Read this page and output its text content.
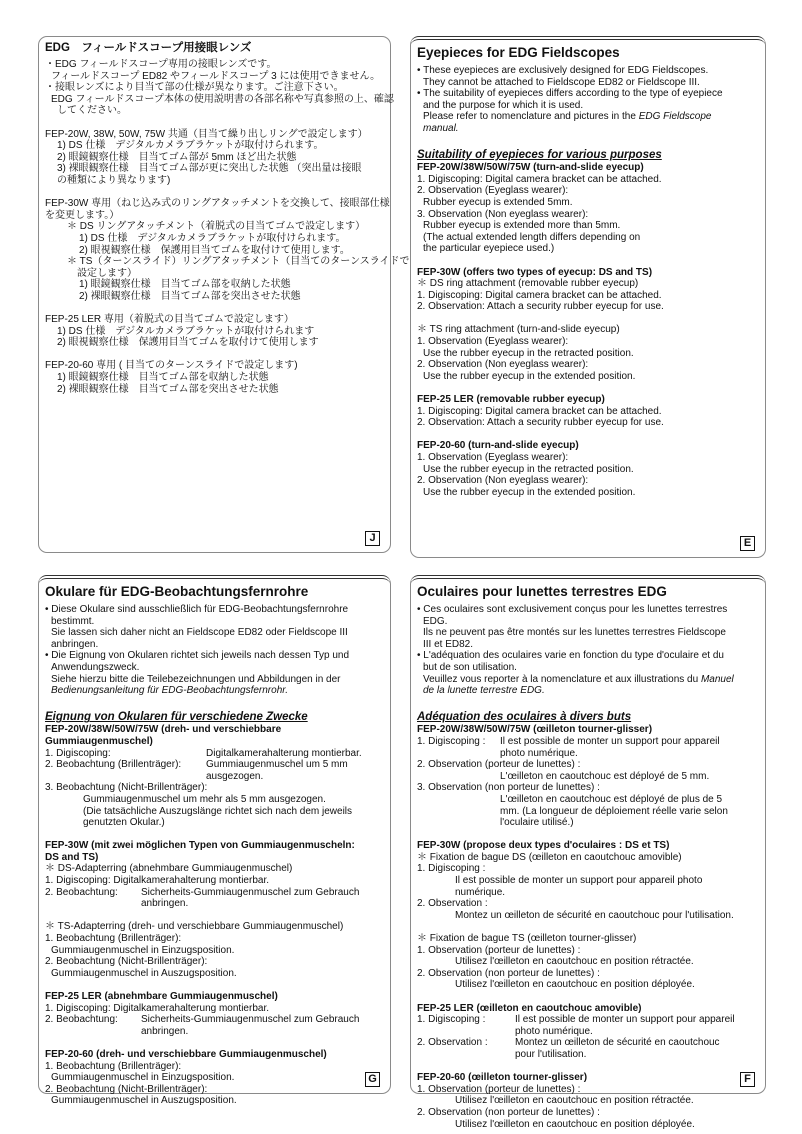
EDG　フィールドスコープ用接眼レンズ
・EDG フィールドスコープ専用の接眼レンズです。
フィールドスコープ ED82 やフィールドスコープ 3 には使用できません。
・接眼レンズにより目当て部の仕様が異なります。ご注意下さい。
EDG フィールドスコープ本体の使用説明書の各部名称や写真参照の上、確認
してください。
FEP-20W, 38W, 50W, 75W 共通（目当て繰り出しリングで設定します）
1) DS 仕様　デジタルカメラブラケットが取付けられます。
2) 眼鏡観察仕様　目当てゴム部が 5mm ほど出た状態
3) 裸眼観察仕様　目当てゴム部が更に突出した状態 （突出量は接眼
の種類により異なります)
FEP-30W 専用（ねじ込み式のリングアタッチメントを交換して、接眼部仕様
を変更します。）
＊ DS リングアタッチメント（着脱式の目当てゴムで設定します）
1) DS 仕様　デジタルカメラブラケットが取付けられます。
2) 眼視観察仕様　保護用目当てゴムを取付けて使用します。
＊ TS（ターンスライド）リングアタッチメント（目当てのターンスライドで
　設定します）
1) 眼鏡観察仕様　目当てゴム部を収納した状態
2) 裸眼観察仕様　目当てゴム部を突出させた状態
FEP-25 LER 専用（着脱式の目当てゴムで設定します）
1) DS 仕様　デジタルカメラブラケットが取付けられます
2) 眼視観察仕様　保護用目当てゴムを取付けて使用します
FEP-20-60 専用 ( 目当てのターンスライドで設定します)
1) 眼鏡観察仕様　目当てゴム部を収納した状態
2) 裸眼観察仕様　目当てゴム部を突出させた状態
J
Eyepieces for EDG Fieldscopes
• These eyepieces are exclusively designed for EDG Fieldscopes.
They cannot be attached to Fieldscope ED82 or Fieldscope III.
• The suitability of eyepieces differs according to the type of eyepiece
and the purpose for which it is used.
Please refer to nomenclature and pictures in the EDG Fieldscope
manual.
Suitability of eyepieces for various purposes
FEP-20W/38W/50W/75W (turn-and-slide eyecup)
1. Digiscoping: Digital camera bracket can be attached.
2. Observation (Eyeglass wearer):
Rubber eyecup is extended 5mm.
3. Observation (Non eyeglass wearer):
Rubber eyecup is extended more than 5mm.
(The actual extended length differs depending on
the particular eyepiece used.)
FEP-30W (offers two types of eyecup: DS and TS)
＊ DS ring attachment (removable rubber eyecup)
1. Digiscoping: Digital camera bracket can be attached.
2. Observation: Attach a security rubber eyecup for use.
＊ TS ring attachment (turn-and-slide eyecup)
1. Observation (Eyeglass wearer):
Use the rubber eyecup in the retracted position.
2. Observation (Non eyeglass wearer):
Use the rubber eyecup in the extended position.
FEP-25 LER (removable rubber eyecup)
1. Digiscoping: Digital camera bracket can be attached.
2. Observation: Attach a security rubber eyecup for use.
FEP-20-60 (turn-and-slide eyecup)
1. Observation (Eyeglass wearer):
Use the rubber eyecup in the retracted position.
2. Observation (Non eyeglass wearer):
Use the rubber eyecup in the extended position.
E
Okulare für EDG-Beobachtungsfernrohre
• Diese Okulare sind ausschließlich für EDG-Beobachtungsfernrohre
bestimmt.
Sie lassen sich daher nicht an Fieldscope ED82 oder Fieldscope III
anbringen.
• Die Eignung von Okularen richtet sich jeweils nach dessen Typ und
Anwendungszweck.
Siehe hierzu bitte die Teilebezeichnungen und Abbildungen in der
Bedienungsanleitung für EDG-Beobachtungsfernrohr.
Eignung von Okularen für verschiedene Zwecke
FEP-20W/38W/50W/75W (dreh- und verschiebbare
Gummiaugenmuschel)
1. Digiscoping:	Digitalkamerahalterung montierbar.
2. Beobachtung (Brillenträger): Gummiaugenmuschel um 5 mm
ausgezogen.
3. Beobachtung (Nicht-Brillenträger):
Gummiaugenmuschel um mehr als 5 mm ausgezogen.
(Die tatsächliche Auszugslänge richtet sich nach dem jeweils
genutzten Okular.)
FEP-30W (mit zwei möglichen Typen von Gummiaugenmuscheln:
DS and TS)
＊ DS-Adapterring (abnehmbare Gummiaugenmuschel)
1. Digiscoping: Digitalkamerahalterung montierbar.
2. Beobachtung: Sicherheits-Gummiaugenmuschel zum Gebrauch
anbringen.
＊ TS-Adapterring (dreh- und verschiebbare Gummiaugenmuschel)
1. Beobachtung (Brillenträger):
Gummiaugenmuschel in Einzugsposition.
2. Beobachtung (Nicht-Brillenträger):
Gummiaugenmuschel in Auszugsposition.
FEP-25 LER (abnehmbare Gummiaugenmuschel)
1. Digiscoping: Digitalkamerahalterung montierbar.
2. Beobachtung: Sicherheits-Gummiaugenmuschel zum Gebrauch
anbringen.
FEP-20-60 (dreh- und verschiebbare Gummiaugenmuschel)
1. Beobachtung (Brillenträger):
Gummiaugenmuschel in Einzugsposition.
2. Beobachtung (Nicht-Brillenträger):
Gummiaugenmuschel in Auszugsposition.
G
Oculaires pour lunettes terrestres EDG
• Ces oculaires sont exclusivement conçus pour les lunettes terrestres
EDG.
Ils ne peuvent pas être montés sur les lunettes terrestres Fieldscope
III et ED82.
• L'adéquation des oculaires varie en fonction du type d'oculaire et du
but de son utilisation.
Veuillez vous reporter à la nomenclature et aux illustrations du Manuel
de la lunette terrestre EDG.
Adéquation des oculaires à divers buts
FEP-20W/38W/50W/75W (œilleton tourner-glisser)
1. Digiscoping : Il est possible de monter un support pour appareil
photo numérique.
2. Observation (porteur de lunettes) :
L'œilleton en caoutchouc est déployé de 5 mm.
3. Observation (non porteur de lunettes) :
L'œilleton en caoutchouc est déployé de plus de 5
mm. (La longueur de déploiement réelle varie selon
l'oculaire utilisé.)
FEP-30W (propose deux types d'oculaires : DS et TS)
＊ Fixation de bague DS (œilleton en caoutchouc amovible)
1. Digiscoping :
Il est possible de monter un support pour appareil photo
numérique.
2. Observation :
Montez un œilleton de sécurité en caoutchouc pour l'utilisation.
＊ Fixation de bague TS (œilleton tourner-glisser)
1. Observation (porteur de lunettes) :
Utilisez l'œilleton en caoutchouc en position rétractée.
2. Observation (non porteur de lunettes) :
Utilisez l'œilleton en caoutchouc en position déployée.
FEP-25 LER (œilleton en caoutchouc amovible)
1. Digiscoping :	Il est possible de monter un support pour appareil
photo numérique.
2. Observation :	Montez un œilleton de sécurité en caoutchouc
pour l'utilisation.
FEP-20-60 (œilleton tourner-glisser)
1. Observation (porteur de lunettes) :
Utilisez l'œilleton en caoutchouc en position rétractée.
2. Observation (non porteur de lunettes) :
Utilisez l'œilleton en caoutchouc en position déployée.
F
